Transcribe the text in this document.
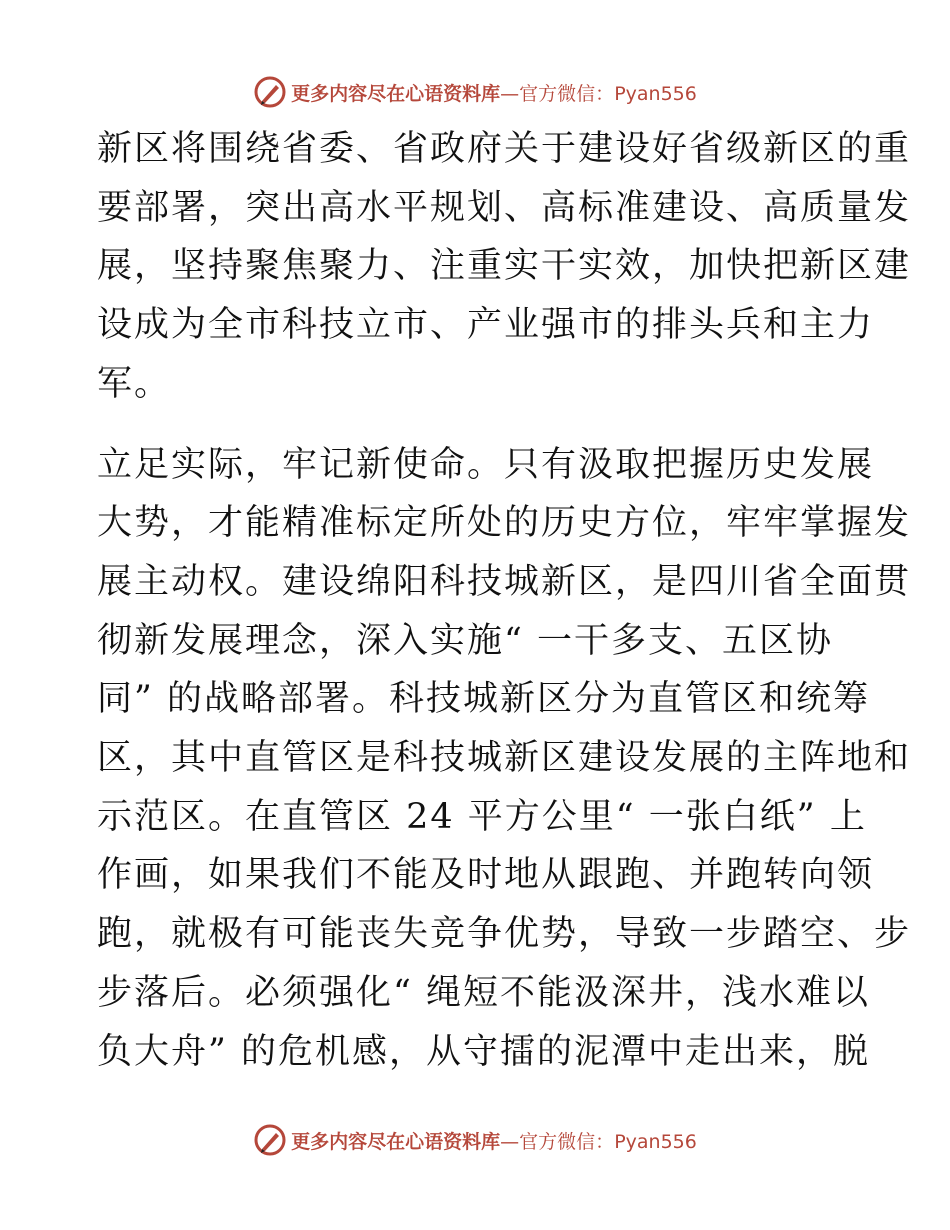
更多内容尽在心语资料库—官方微信：Pyan556

新区将围绕省委、省政府关于建设好省级新区的重
要部署，突出高水平规划、高标准建设、高质量发
展，坚持聚焦聚力、注重实干实效，加快把新区建
设成为全市科技立市、产业强市的排头兵和主力
军。

立足实际，牢记新使命。只有汲取把握历史发展
大势，才能精准标定所处的历史方位，牢牢掌握发
展主动权。建设绵阳科技城新区，是四川省全面贯
彻新发展理念，深入实施“ 一干多支、五区协
同” 的战略部署。科技城新区分为直管区和统筹
区，其中直管区是科技城新区建设发展的主阵地和
示范区。在直管区 24 平方公里“ 一张白纸” 上
作画，如果我们不能及时地从跟跑、并跑转向领
跑，就极有可能丧失竞争优势，导致一步踏空、步
步落后。必须强化“ 绳短不能汲深井，浅水难以
负大舟” 的危机感，从守擂的泥潭中走出来，脱

更多内容尽在心语资料库—官方微信：Pyan556
